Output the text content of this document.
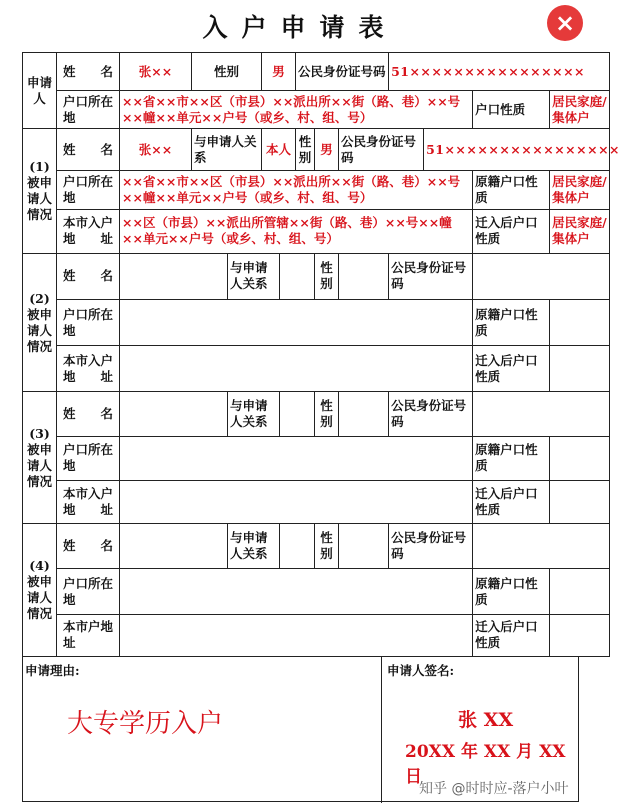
入户申请表	×
申请人	姓名	张××	性别		男		公民身份证号码			51××××××××××××××××			
	户口所在地	××省××市××区（市县）××派出所××街（路、巷）××号××幢××单元××户号（或乡、村、组、号）										户口性质	居民家庭/集体户
(1)被申请人情况	姓名	张××	与申请人关系		本人		性别	男	公民身份证号码		51××××××××××××××××		
	户口所在地	××省××市××区（市县）××派出所××街（路、巷）××号××幢××单元××户号（或乡、村、组、号）										原籍户口性质	居民家庭/集体户
	本市入户地址	××区（市县）××派出所管辖××街（路、巷）××号××幢××单元××户号（或乡、村、组、号）										迁入后户口性质	居民家庭/集体户
(2)被申请人情况	姓名			与申请人关系				性别		公民身份证号码			
	户口所在地											原籍户口性质	
	本市入户地址											迁入后户口性质	
(3)被申请人情况	姓名			与申请人关系				性别		公民身份证号码			
	户口所在地											原籍户口性质	
	本市入户地址											迁入后户口性质	
(4)被申请人情况	姓名			与申请人关系				性别		公民身份证号码			
	户口所在地											原籍户口性质	
	本市户地址											迁入后户口性质	
申请理由:
大专学历入户
申请人签名:
张 XX
20XX 年 XX 月 XX 日
知乎 @时时应-落户小叶
